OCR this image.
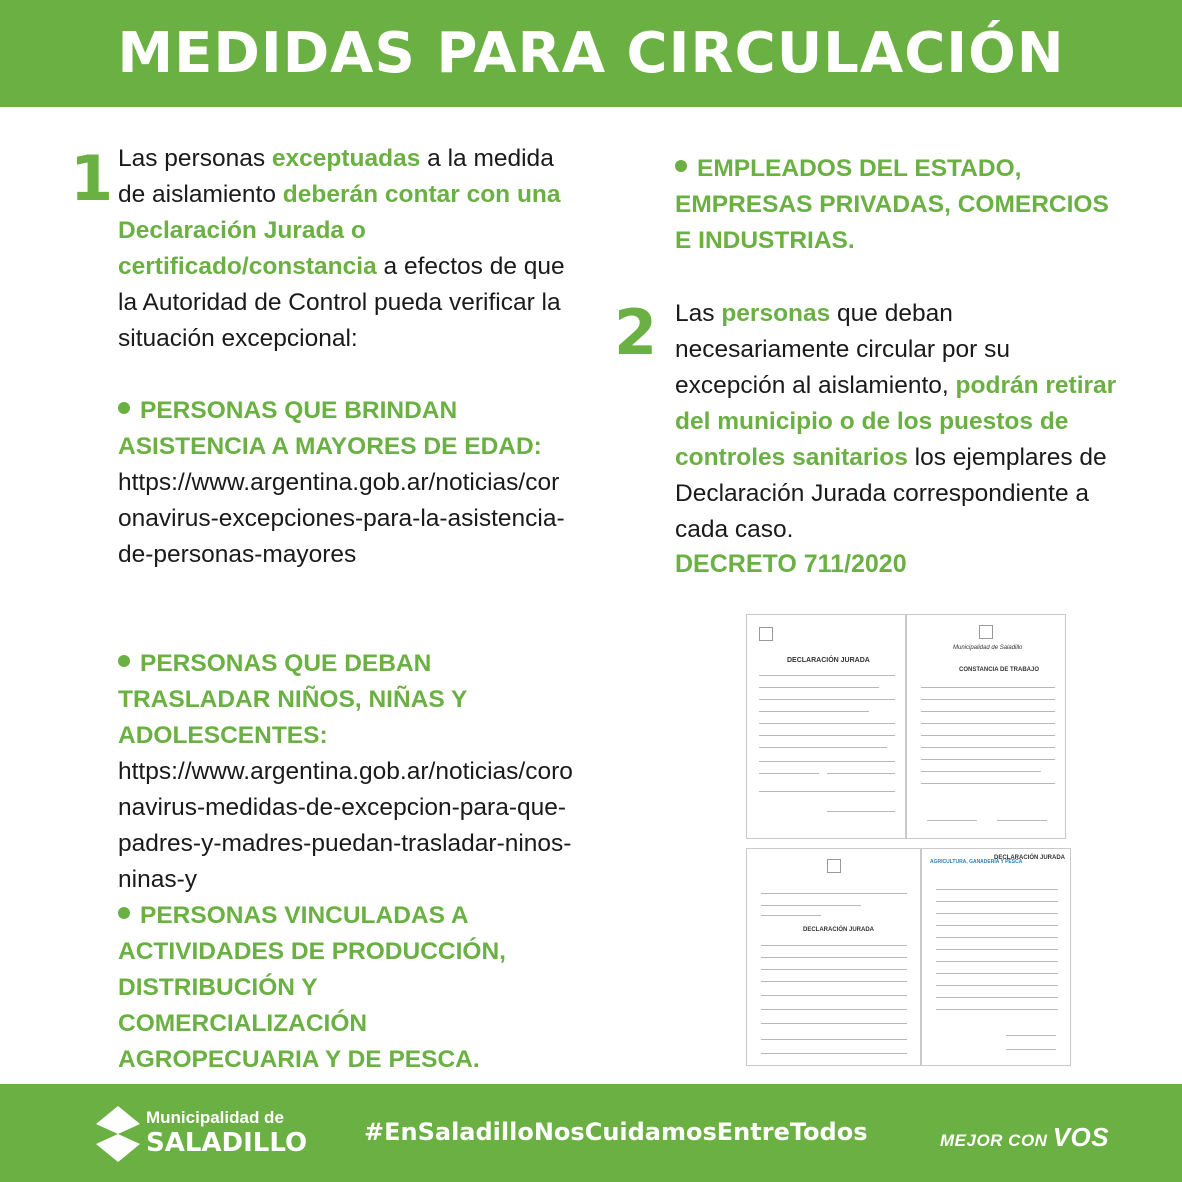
MEDIDAS PARA CIRCULACIÓN
1 Las personas exceptuadas a la medida de aislamiento deberán contar con una Declaración Jurada o certificado/constancia a efectos de que la Autoridad de Control pueda verificar la situación excepcional:
PERSONAS QUE BRINDAN ASISTENCIA A MAYORES DE EDAD:
https://www.argentina.gob.ar/noticias/coronavirus-excepciones-para-la-asistencia-de-personas-mayores
PERSONAS QUE DEBAN TRASLADAR NIÑOS, NIÑAS Y ADOLESCENTES:
https://www.argentina.gob.ar/noticias/coronavirus-medidas-de-excepcion-para-que-padres-y-madres-puedan-trasladar-ninos-ninas-y
PERSONAS VINCULADAS A ACTIVIDADES DE PRODUCCIÓN, DISTRIBUCIÓN Y COMERCIALIZACIÓN AGROPECUARIA Y DE PESCA.
EMPLEADOS DEL ESTADO, EMPRESAS PRIVADAS, COMERCIOS E INDUSTRIAS.
2 Las personas que deban necesariamente circular por su excepción al aislamiento, podrán retirar del municipio o de los puestos de controles sanitarios los ejemplares de Declaración Jurada correspondiente a cada caso.
DECRETO 711/2020
DECLARACIÓN JURADA
Municipalidad de Saladillo
CONSTANCIA DE TRABAJO
DECLARACIÓN JURADA
AGRICULTURA, GANADERÍA Y PESCA
DECLARACIÓN JURADA
Municipalidad de
SALADILLO #EnSaladilloNosCuidamosEntreTodos	MEJOR CON VOS
